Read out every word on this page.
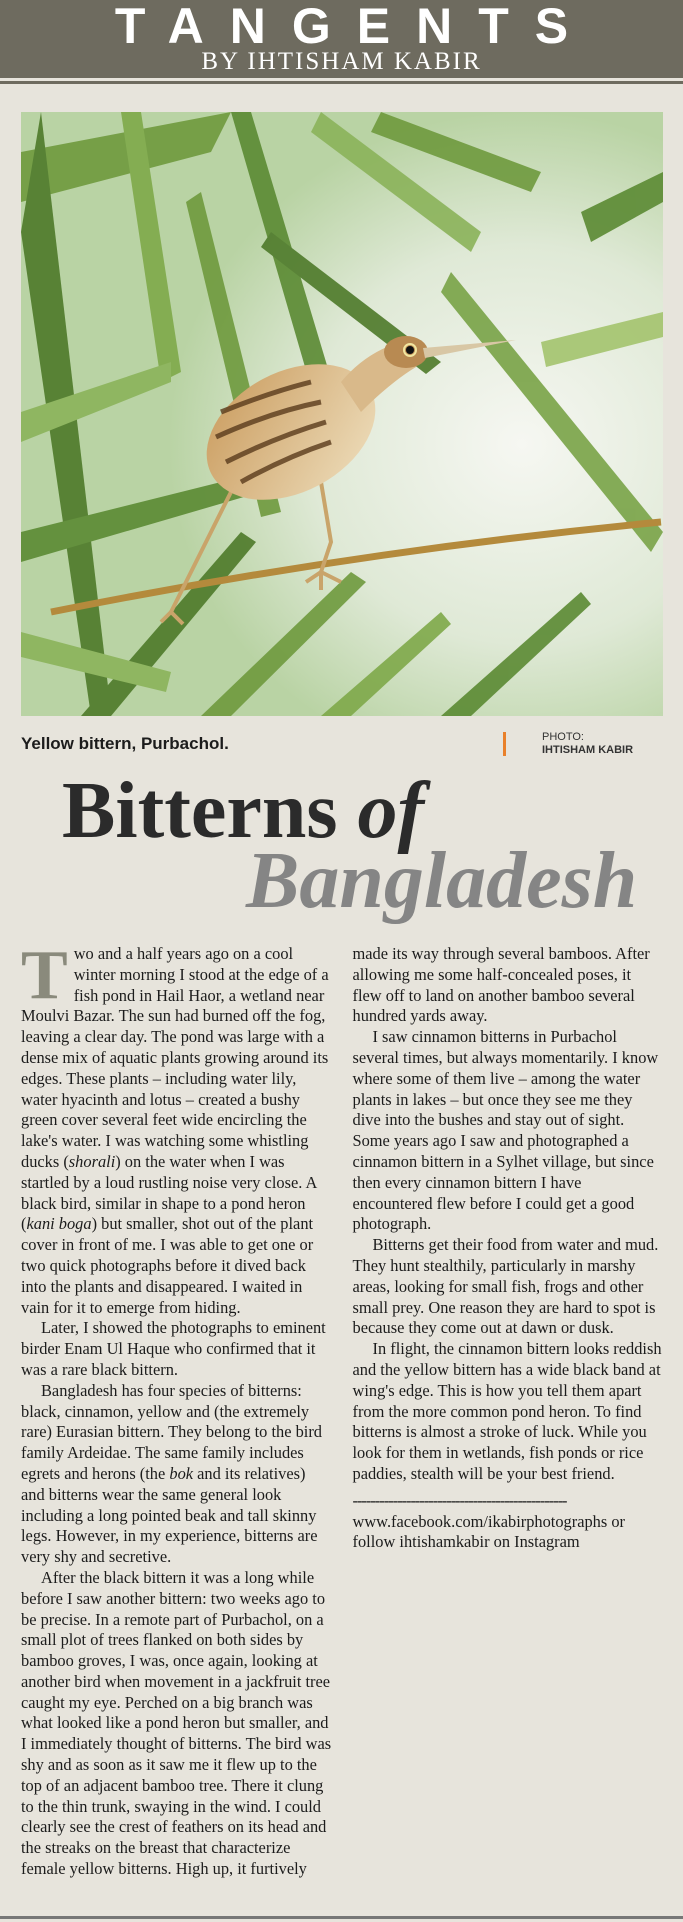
TANGENTS
BY IHTISHAM KABIR
Yellow bittern, Purbachol.	PHOTO:
IHTISHAM KABIR
Bitterns of
Bangladesh

Two and a half years ago on a cool winter morning I stood at the edge of a fish pond in Hail Haor, a wetland near Moulvi Bazar. The sun had burned off the fog, leaving a clear day. The pond was large with a dense mix of aquatic plants growing around its edges. These plants – including water lily, water hyacinth and lotus – created a bushy green cover several feet wide encircling the lake's water. I was watching some whistling ducks (shorali) on the water when I was startled by a loud rustling noise very close. A black bird, similar in shape to a pond heron (kani boga) but smaller, shot out of the plant cover in front of me. I was able to get one or two quick photographs before it dived back into the plants and disappeared. I waited in vain for it to emerge from hiding.

Later, I showed the photographs to eminent birder Enam Ul Haque who confirmed that it was a rare black bittern.

Bangladesh has four species of bitterns: black, cinnamon, yellow and (the extremely rare) Eurasian bittern. They belong to the bird family Ardeidae. The same family includes egrets and herons (the bok and its relatives) and bitterns wear the same general look including a long pointed beak and tall skinny legs. However, in my experience, bitterns are very shy and secretive.

After the black bittern it was a long while before I saw another bittern: two weeks ago to be precise. In a remote part of Purbachol, on a small plot of trees flanked on both sides by bamboo groves, I was, once again, looking at another bird when movement in a jackfruit tree caught my eye. Perched on a big branch was what looked like a pond heron but smaller, and I immediately thought of bitterns. The bird was shy and as soon as it saw me it flew up to the top of an adjacent bamboo tree. There it clung to the thin trunk, swaying in the wind. I could clearly see the crest of feathers on its head and the streaks on the breast that characterize female yellow bitterns. High up, it furtively made its way through several bamboos. After allowing me some half-concealed poses, it flew off to land on another bamboo several hundred yards away.

I saw cinnamon bitterns in Purbachol several times, but always momentarily. I know where some of them live – among the water plants in lakes – but once they see me they dive into the bushes and stay out of sight. Some years ago I saw and photographed a cinnamon bittern in a Sylhet village, but since then every cinnamon bittern I have encountered flew before I could get a good photograph.

Bitterns get their food from water and mud. They hunt stealthily, particularly in marshy areas, looking for small fish, frogs and other small prey. One reason they are hard to spot is because they come out at dawn or dusk.

In flight, the cinnamon bittern looks reddish and the yellow bittern has a wide black band at wing's edge. This is how you tell them apart from the more common pond heron. To find bitterns is almost a stroke of luck. While you look for them in wetlands, fish ponds or rice paddies, stealth will be your best friend.

------------------------------------------------

www.facebook.com/ikabirphotographs or follow ihtishamkabir on Instagram
